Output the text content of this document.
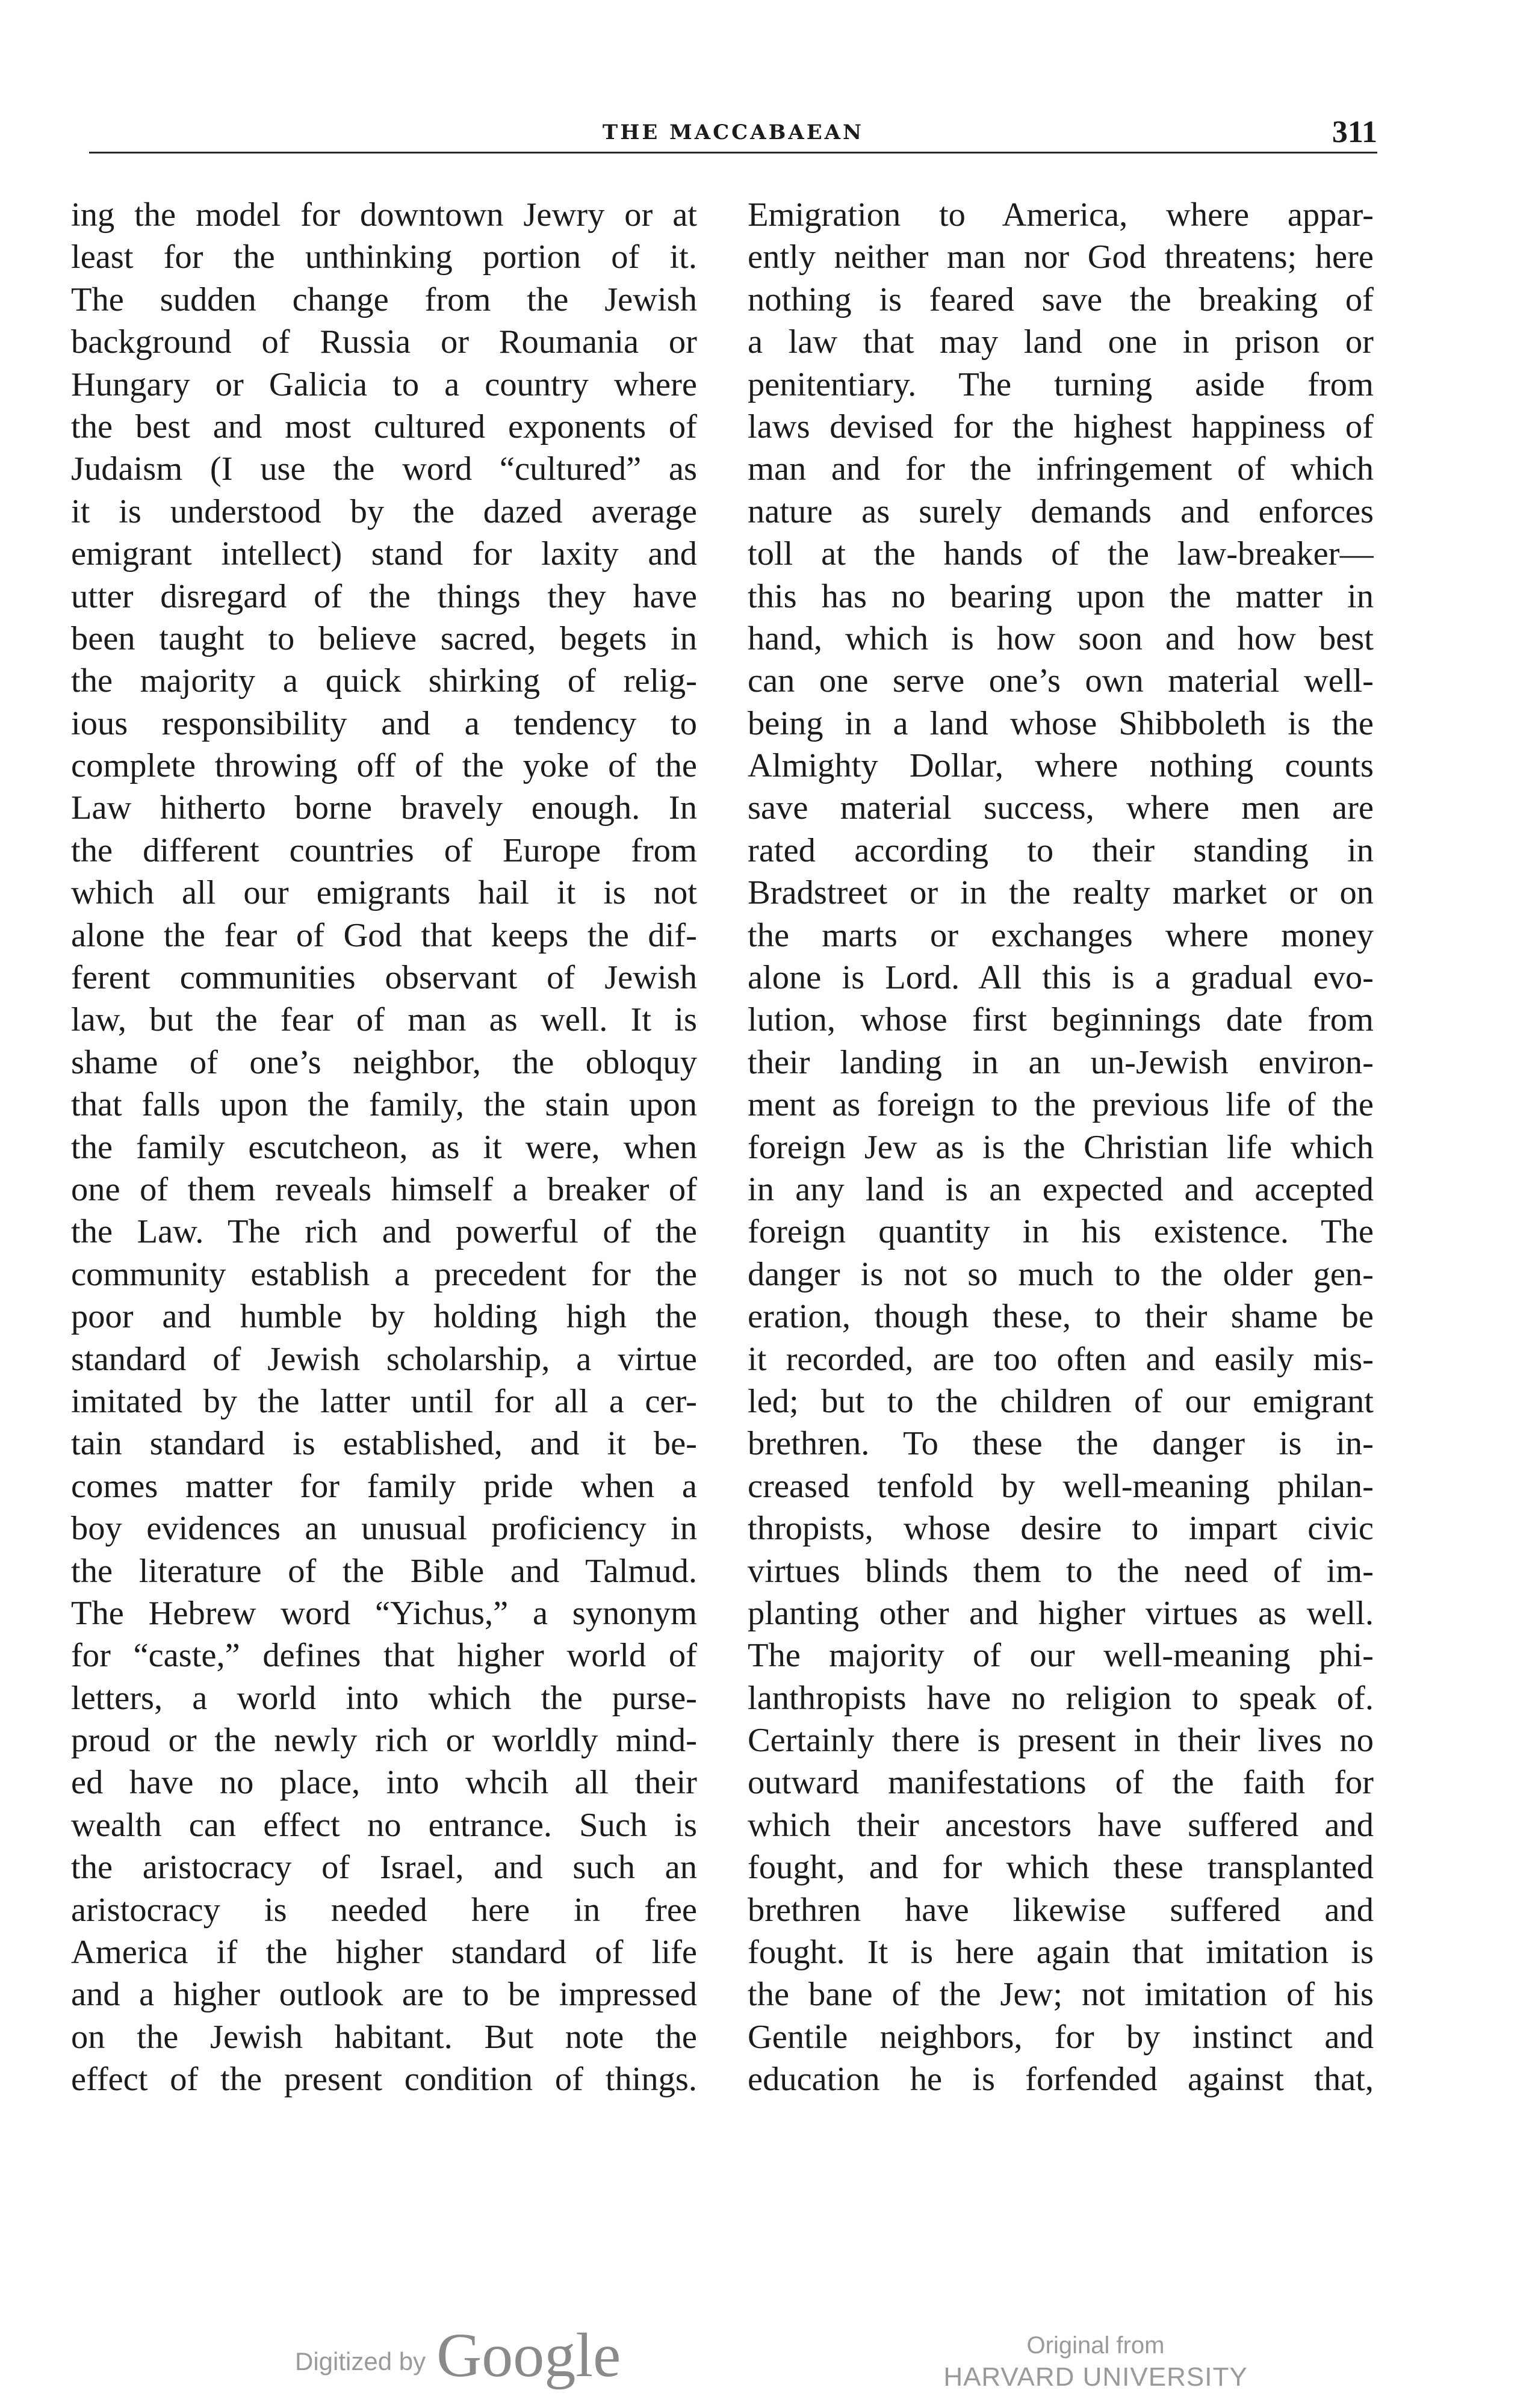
THE MACCABAEAN	311
ing the model for downtown Jewry or at
least for the unthinking portion of it.
The sudden change from the Jewish
background of Russia or Roumania or
Hungary or Galicia to a country where
the best and most cultured exponents of
Judaism (I use the word “cultured” as
it is understood by the dazed average
emigrant intellect) stand for laxity and
utter disregard of the things they have
been taught to believe sacred, begets in
the majority a quick shirking of relig-
ious responsibility and a tendency to
complete throwing off of the yoke of the
Law hitherto borne bravely enough. In
the different countries of Europe from
which all our emigrants hail it is not
alone the fear of God that keeps the dif-
ferent communities observant of Jewish
law, but the fear of man as well. It is
shame of one’s neighbor, the obloquy
that falls upon the family, the stain upon
the family escutcheon, as it were, when
one of them reveals himself a breaker of
the Law. The rich and powerful of the
community establish a precedent for the
poor and humble by holding high the
standard of Jewish scholarship, a virtue
imitated by the latter until for all a cer-
tain standard is established, and it be-
comes matter for family pride when a
boy evidences an unusual proficiency in
the literature of the Bible and Talmud.
The Hebrew word “Yichus,” a synonym
for “caste,” defines that higher world of
letters, a world into which the purse-
proud or the newly rich or worldly mind-
ed have no place, into whcih all their
wealth can effect no entrance. Such is
the aristocracy of Israel, and such an
aristocracy is needed here in free
America if the higher standard of life
and a higher outlook are to be impressed
on the Jewish habitant. But note the
effect of the present condition of things.
Emigration to America, where appar-
ently neither man nor God threatens; here
nothing is feared save the breaking of
a law that may land one in prison or
penitentiary. The turning aside from
laws devised for the highest happiness of
man and for the infringement of which
nature as surely demands and enforces
toll at the hands of the law-breaker—
this has no bearing upon the matter in
hand, which is how soon and how best
can one serve one’s own material well-
being in a land whose Shibboleth is the
Almighty Dollar, where nothing counts
save material success, where men are
rated according to their standing in
Bradstreet or in the realty market or on
the marts or exchanges where money
alone is Lord. All this is a gradual evo-
lution, whose first beginnings date from
their landing in an un-Jewish environ-
ment as foreign to the previous life of the
foreign Jew as is the Christian life which
in any land is an expected and accepted
foreign quantity in his existence. The
danger is not so much to the older gen-
eration, though these, to their shame be
it recorded, are too often and easily mis-
led; but to the children of our emigrant
brethren. To these the danger is in-
creased tenfold by well-meaning philan-
thropists, whose desire to impart civic
virtues blinds them to the need of im-
planting other and higher virtues as well.
The majority of our well-meaning phi-
lanthropists have no religion to speak of.
Certainly there is present in their lives no
outward manifestations of the faith for
which their ancestors have suffered and
fought, and for which these transplanted
brethren have likewise suffered and
fought. It is here again that imitation is
the bane of the Jew; not imitation of his
Gentile neighbors, for by instinct and
education he is forfended against that,
Digitized by Google	Original from
HARVARD UNIVERSITY
